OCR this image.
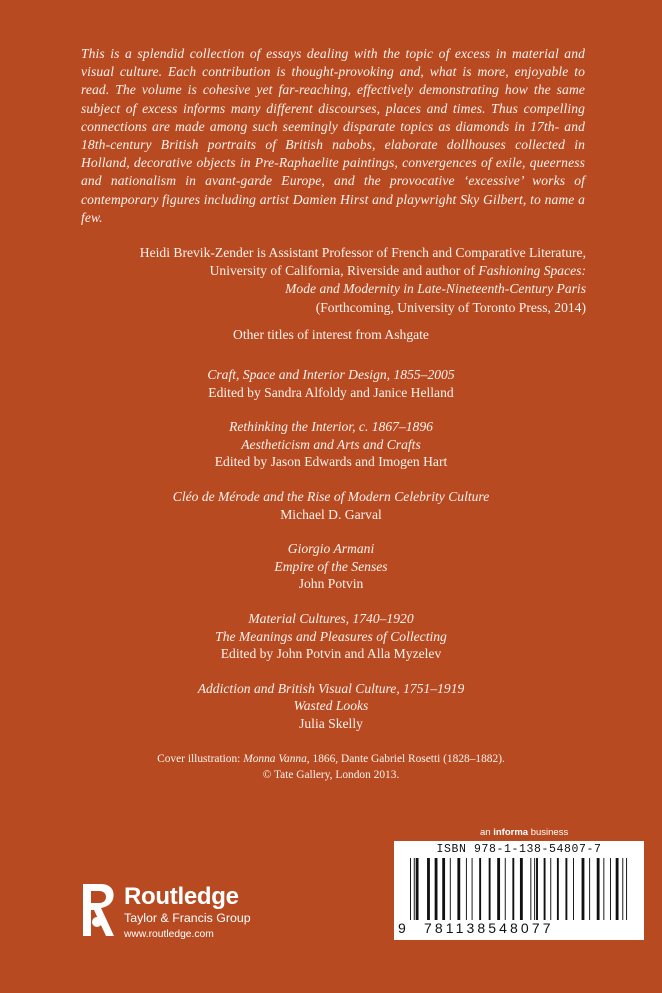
This is a splendid collection of essays dealing with the topic of excess in material and visual culture. Each contribution is thought-provoking and, what is more, enjoyable to read. The volume is cohesive yet far-reaching, effectively demonstrating how the same subject of excess informs many different discourses, places and times. Thus compelling connections are made among such seemingly disparate topics as diamonds in 17th- and 18th-century British portraits of British nabobs, elaborate dollhouses collected in Holland, decorative objects in Pre-Raphaelite paintings, convergences of exile, queerness and nationalism in avant-garde Europe, and the provocative ‘excessive’ works of contemporary figures including artist Damien Hirst and playwright Sky Gilbert, to name a few.

Heidi Brevik-Zender is Assistant Professor of French and Comparative Literature,
University of California, Riverside and author of Fashioning Spaces:
Mode and Modernity in Late-Nineteenth-Century Paris
(Forthcoming, University of Toronto Press, 2014)
Other titles of interest from Ashgate
Craft, Space and Interior Design, 1855–2005
Edited by Sandra Alfoldy and Janice Helland
Rethinking the Interior, c. 1867–1896
Aestheticism and Arts and Crafts
Edited by Jason Edwards and Imogen Hart
Cléo de Mérode and the Rise of Modern Celebrity Culture
Michael D. Garval
Giorgio Armani
Empire of the Senses
John Potvin
Material Cultures, 1740–1920
The Meanings and Pleasures of Collecting
Edited by John Potvin and Alla Myzelev
Addiction and British Visual Culture, 1751–1919
Wasted Looks
Julia Skelly
Cover illustration: Monna Vanna, 1866, Dante Gabriel Rosetti (1828–1882).
© Tate Gallery, London 2013.
an informa business
ISBN 978-1-138-54807-7
9 781138548077
Routledge
Taylor & Francis Group
www.routledge.com
